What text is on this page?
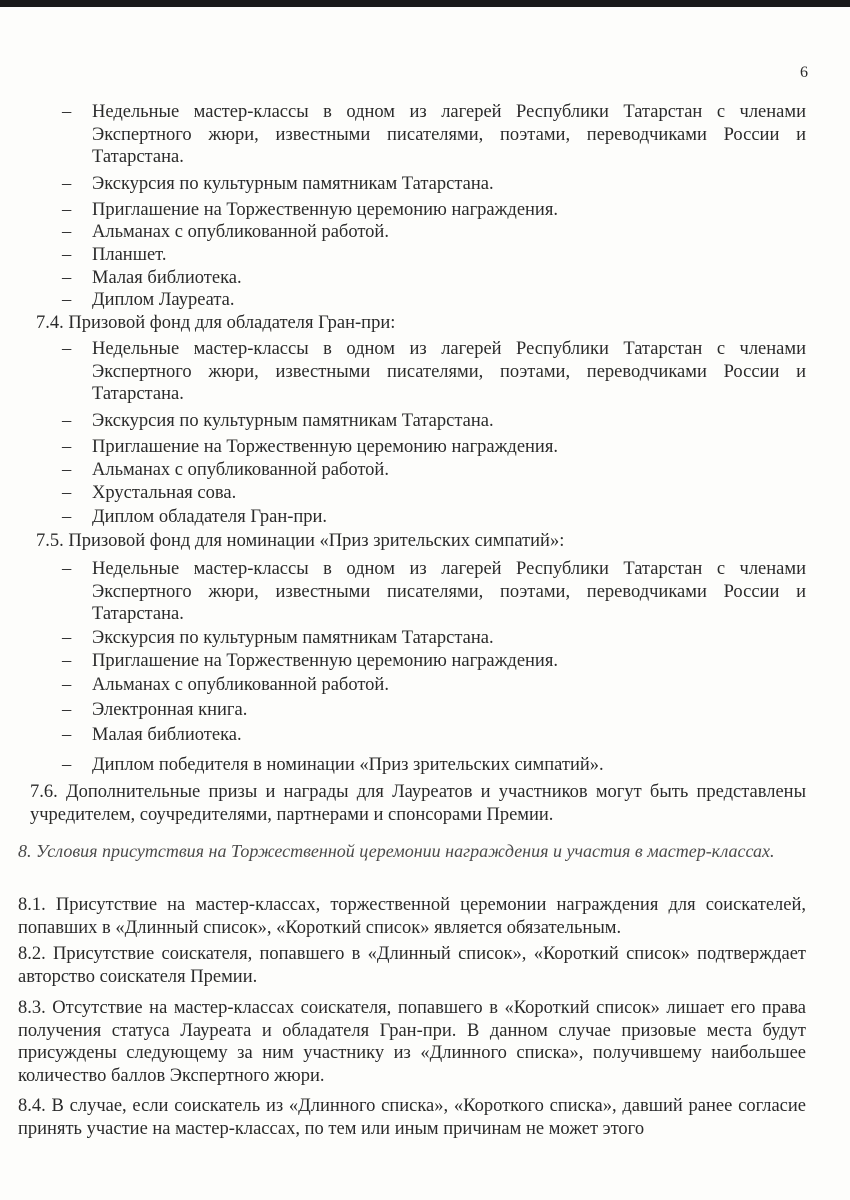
6
– Недельные мастер-классы в одном из лагерей Республики Татарстан с членами Экспертного жюри, известными писателями, поэтами, переводчиками России и Татарстана.
– Экскурсия по культурным памятникам Татарстана.
– Приглашение на Торжественную церемонию награждения.
– Альманах с опубликованной работой.
– Планшет.
– Малая библиотека.
– Диплом Лауреата.
– Недельные мастер-классы в одном из лагерей Республики Татарстан с членами Экспертного жюри, известными писателями, поэтами, переводчиками России и Татарстана.
– Экскурсия по культурным памятникам Татарстана.
– Приглашение на Торжественную церемонию награждения.
– Альманах с опубликованной работой.
– Хрустальная сова.
– Диплом обладателя Гран-при.
– Недельные мастер-классы в одном из лагерей Республики Татарстан с членами Экспертного жюри, известными писателями, поэтами, переводчиками России и Татарстана.
– Экскурсия по культурным памятникам Татарстана.
– Приглашение на Торжественную церемонию награждения.
– Альманах с опубликованной работой.
– Электронная книга.
– Малая библиотека.
– Диплом победителя в номинации «Приз зрительских симпатий».
7.4. Призовой фонд для обладателя Гран-при:
7.5. Призовой фонд для номинации «Приз зрительских симпатий»:
7.6. Дополнительные призы и награды для Лауреатов и участников могут быть представлены учредителем, соучредителями, партнерами и спонсорами Премии.
8. Условия присутствия на Торжественной церемонии награждения и участия в мастер-классах.
8.1. Присутствие на мастер-классах, торжественной церемонии награждения для соискателей, попавших в «Длинный список», «Короткий список» является обязательным.
8.2. Присутствие соискателя, попавшего в «Длинный список», «Короткий список» подтверждает авторство соискателя Премии.
8.3. Отсутствие на мастер-классах соискателя, попавшего в «Короткий список» лишает его права получения статуса Лауреата и обладателя Гран-при. В данном случае призовые места будут присуждены следующему за ним участнику из «Длинного списка», получившему наибольшее количество баллов Экспертного жюри.
8.4. В случае, если соискатель из «Длинного списка», «Короткого списка», давший ранее согласие принять участие на мастер-классах, по тем или иным причинам не может этого
